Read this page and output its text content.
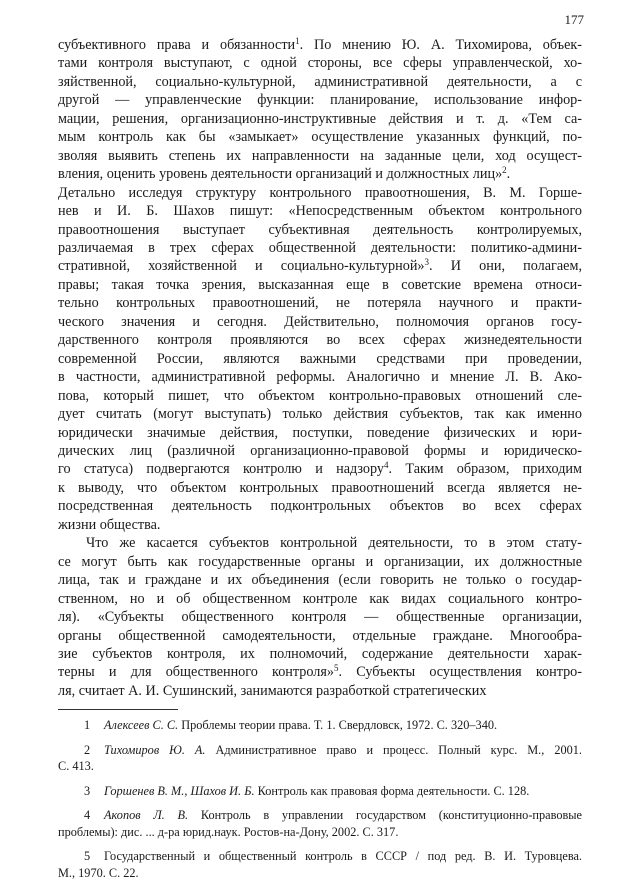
177
субъективного права и обязанности$^1$. По мнению Ю. А. Тихомирова, объек-
тами контроля выступают, с одной стороны, все сферы управленческой, хо-
зяйственной, социально-культурной, административной деятельности, а с
другой — управленческие функции: планирование, использование инфор-
мации, решения, организационно-инструктивные действия и т. д. «Тем са-
мым контроль как бы «замыкает» осуществление указанных функций, по-
зволяя выявить степень их направленности на заданные цели, ход осущест-
вления, оценить уровень деятельности организаций и должностных лиц»$^2$.
Детально исследуя структуру контрольного правоотношения, В. М. Горше-
нев и И. Б. Шахов пишут: «Непосредственным объектом контрольного
правоотношения выступает субъективная деятельность контролируемых,
различаемая в трех сферах общественной деятельности: политико-админи-
стративной, хозяйственной и социально-культурной»$^3$. И они, полагаем,
правы; такая точка зрения, высказанная еще в советские времена относи-
тельно контрольных правоотношений, не потеряла научного и практи-
ческого значения и сегодня. Действительно, полномочия органов госу-
дарственного контроля проявляются во всех сферах жизнедеятельности
современной России, являются важными средствами при проведении,
в частности, административной реформы. Аналогично и мнение Л. В. Ако-
пова, который пишет, что объектом контрольно-правовых отношений сле-
дует считать (могут выступать) только действия субъектов, так как именно
юридически значимые действия, поступки, поведение физических и юри-
дических лиц (различной организационно-правовой формы и юридическо-
го статуса) подвергаются контролю и надзору$^4$. Таким образом, приходим
к выводу, что объектом контрольных правоотношений всегда является не-
посредственная деятельность подконтрольных объектов во всех сферах
жизни общества.
Что же касается субъектов контрольной деятельности, то в этом стату-
се могут быть как государственные органы и организации, их должностные
лица, так и граждане и их объединения (если говорить не только о государ-
ственном, но и об общественном контроле как видах социального контро-
ля). «Субъекты общественного контроля — общественные организации,
органы общественной самодеятельности, отдельные граждане. Многообра-
зие субъектов контроля, их полномочий, содержание деятельности харак-
терны и для общественного контроля»$^5$. Субъекты осуществления контро-
ля, считает А. И. Сушинский, занимаются разработкой стратегических
1 Алексеев С. С. Проблемы теории права. Т. 1. Свердловск, 1972. С. 320–340.
2 Тихомиров Ю. А. Административное право и процесс. Полный курс. М., 2001.
С. 413.
3 Горшенев В. М., Шахов И. Б. Контроль как правовая форма деятельности. С. 128.
4 Акопов Л. В. Контроль в управлении государством (конституционно-правовые
проблемы): дис. ... д-ра юрид.наук. Ростов-на-Дону, 2002. С. 317.
5 Государственный и общественный контроль в СССР / под ред. В. И. Туровцева.
М., 1970. С. 22.
